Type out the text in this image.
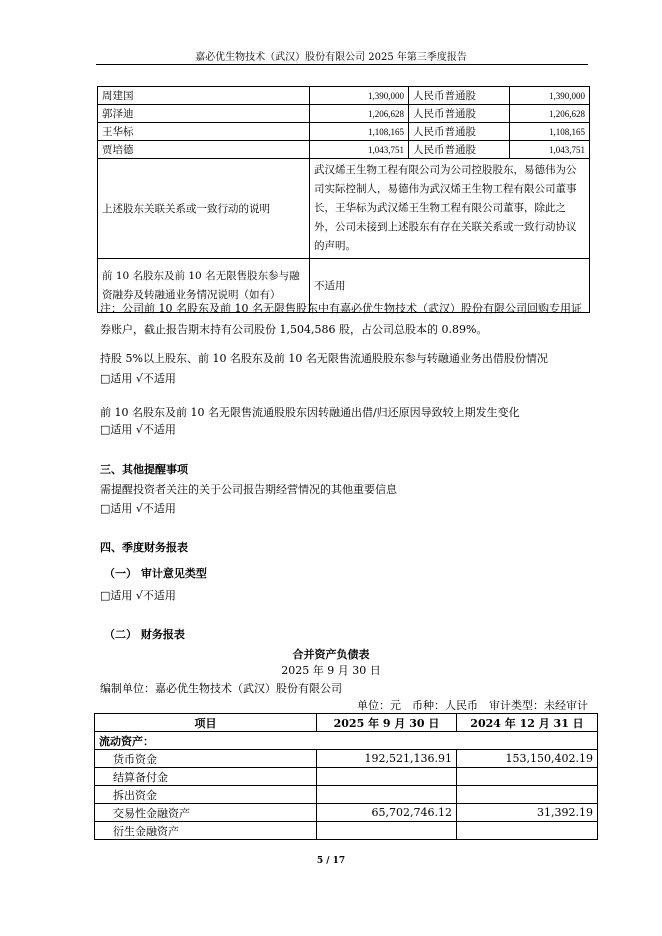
嘉必优生物技术（武汉）股份有限公司 2025 年第三季度报告
周建国	1,390,000	人民币普通股	1,390,000
郭泽迪	1,206,628	人民币普通股	1,206,628
王华标	1,108,165	人民币普通股	1,108,165
贾培德	1,043,751	人民币普通股	1,043,751
上述股东关联关系或一致行动的说明	武汉烯王生物工程有限公司为公司控股股东，易德伟为公司实际控制人，易德伟为武汉烯王生物工程有限公司董事长，王华标为武汉烯王生物工程有限公司董事，除此之外，公司未接到上述股东有存在关联关系或一致行动协议的声明。		
前 10 名股东及前 10 名无限售股东参与融资融券及转融通业务情况说明（如有）	不适用		
注：公司前 10 名股东及前 10 名无限售股东中有嘉必优生物技术（武汉）股份有限公司回购专用证券账户，截止报告期末持有公司股份 1,504,586 股，占公司总股本的 0.89%。
持股 5%以上股东、前 10 名股东及前 10 名无限售流通股股东参与转融通业务出借股份情况
□适用 √不适用
前 10 名股东及前 10 名无限售流通股股东因转融通出借/归还原因导致较上期发生变化
□适用 √不适用
三、其他提醒事项
需提醒投资者关注的关于公司报告期经营情况的其他重要信息
□适用 √不适用
四、季度财务报表
（一） 审计意见类型
□适用 √不适用
（二） 财务报表
合并资产负债表
2025 年 9 月 30 日
编制单位：嘉必优生物技术（武汉）股份有限公司
单位：元　币种：人民币　审计类型：未经审计
项目	2025 年 9 月 30 日	2024 年 12 月 31 日
流动资产：		
货币资金	192,521,136.91	153,150,402.19
结算备付金		
拆出资金		
交易性金融资产	65,702,746.12	31,392.19
衍生金融资产		
5 / 17
